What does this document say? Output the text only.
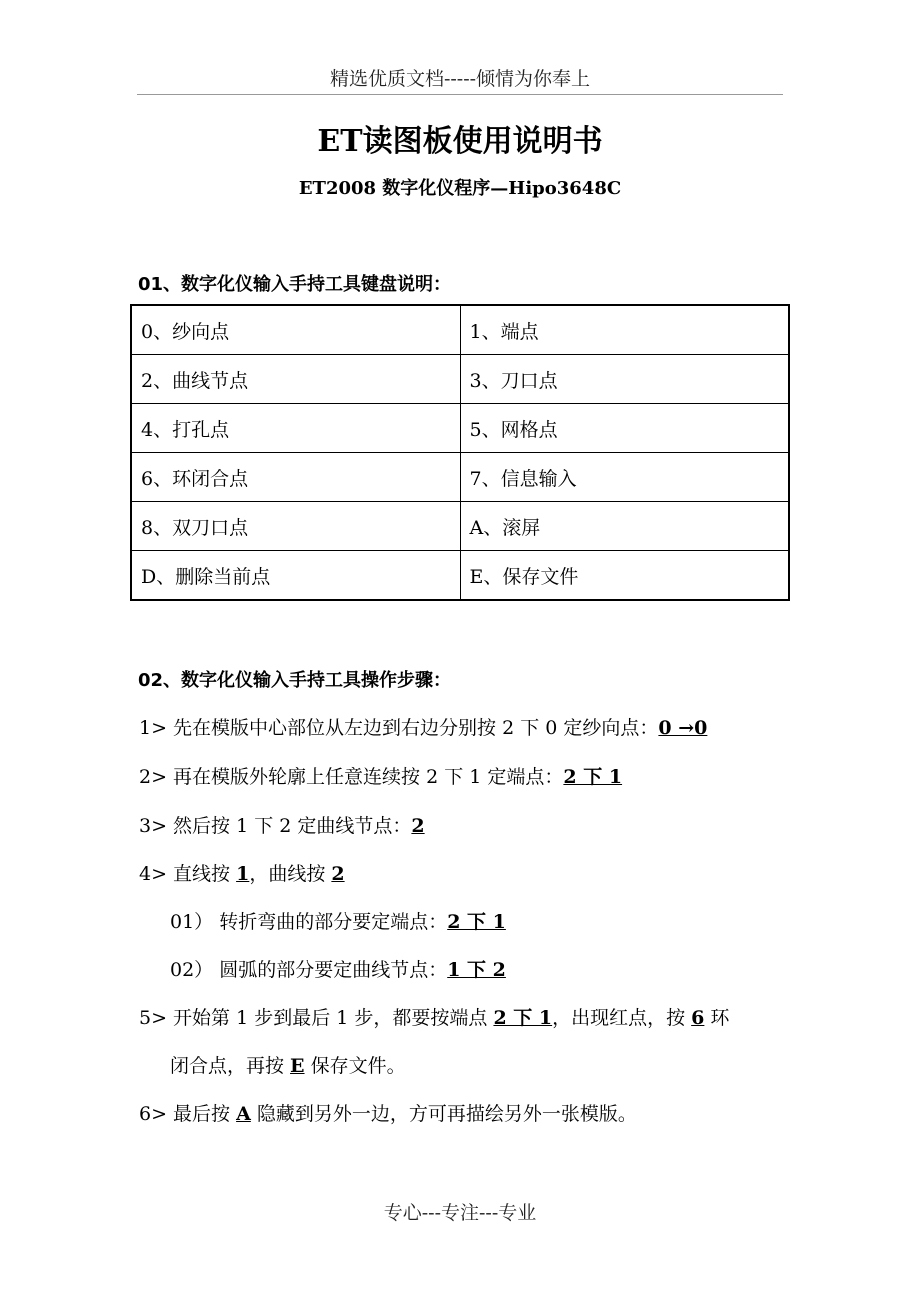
精选优质文档-----倾情为你奉上
ET读图板使用说明书
ET2008 数字化仪程序—Hipo3648C
01、数字化仪输入手持工具键盘说明：
0、纱向点	1、端点
2、曲线节点	3、刀口点
4、打孔点	5、网格点
6、环闭合点	7、信息输入
8、双刀口点	A、滚屏
D、删除当前点	E、保存文件
02、数字化仪输入手持工具操作步骤：
1> 先在模版中心部位从左边到右边分别按 2 下 0 定纱向点：0 →0
2> 再在模版外轮廓上任意连续按 2 下 1 定端点：2 下 1
3> 然后按 1 下 2 定曲线节点：2
4> 直线按 1，曲线按 2
01） 转折弯曲的部分要定端点：2 下 1
02） 圆弧的部分要定曲线节点：1 下 2
5> 开始第 1 步到最后 1 步，都要按端点 2 下 1，出现红点，按 6 环
闭合点，再按 E 保存文件。
6> 最后按 A 隐藏到另外一边，方可再描绘另外一张模版。
专心---专注---专业
